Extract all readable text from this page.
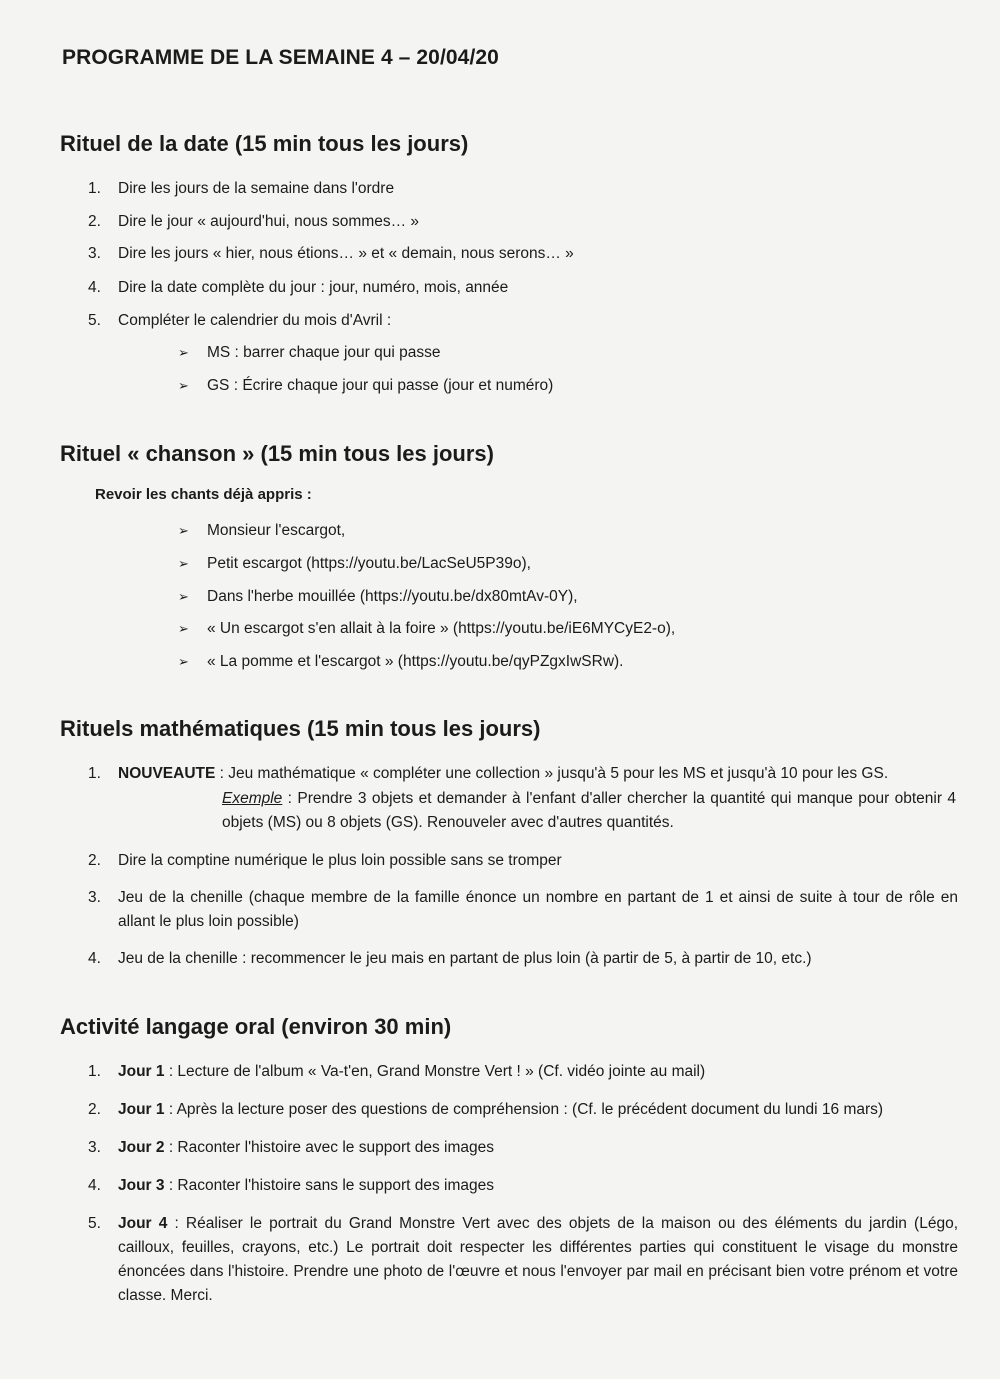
PROGRAMME DE LA SEMAINE 4 – 20/04/20
Rituel de la date (15 min tous les jours)
1.	Dire les jours de la semaine dans l'ordre
2.	Dire le jour « aujourd'hui, nous sommes… »
3.	Dire les jours « hier, nous étions… » et « demain, nous serons… »
4.	Dire la date complète du jour : jour, numéro, mois, année
5.	Compléter le calendrier du mois d'Avril :
➢ MS : barrer chaque jour qui passe
➢ GS : Écrire chaque jour qui passe (jour et numéro)
Rituel « chanson » (15 min tous les jours)
Revoir les chants déjà appris :
➢ Monsieur l'escargot,
➢ Petit escargot (https://youtu.be/LacSeU5P39o),
➢ Dans l'herbe mouillée (https://youtu.be/dx80mtAv-0Y),
➢ « Un escargot s'en allait à la foire » (https://youtu.be/iE6MYCyE2-o),
➢ « La pomme et l'escargot » (https://youtu.be/qyPZgxIwSRw).
Rituels mathématiques (15 min tous les jours)
1.	NOUVEAUTE : Jeu mathématique « compléter une collection » jusqu'à 5 pour les MS et jusqu'à 10 pour les GS.
Exemple : Prendre 3 objets et demander à l'enfant d'aller chercher la quantité qui manque pour obtenir 4 objets (MS) ou 8 objets (GS). Renouveler avec d'autres quantités.
2.	Dire la comptine numérique le plus loin possible sans se tromper
3.	Jeu de la chenille (chaque membre de la famille énonce un nombre en partant de 1 et ainsi de suite à tour de rôle en allant le plus loin possible)
4.	Jeu de la chenille : recommencer le jeu mais en partant de plus loin (à partir de 5, à partir de 10, etc.)
Activité langage oral (environ 30 min)
1.	Jour 1 : Lecture de l'album « Va-t'en, Grand Monstre Vert ! » (Cf. vidéo jointe au mail)
2.	Jour 1 : Après la lecture poser des questions de compréhension : (Cf. le précédent document du lundi 16 mars)
3.	Jour 2 : Raconter l'histoire avec le support des images
4.	Jour 3 : Raconter l'histoire sans le support des images
5.	Jour 4 : Réaliser le portrait du Grand Monstre Vert avec des objets de la maison ou des éléments du jardin (Légo, cailloux, feuilles, crayons, etc.) Le portrait doit respecter les différentes parties qui constituent le visage du monstre énoncées dans l'histoire. Prendre une photo de l'œuvre et nous l'envoyer par mail en précisant bien votre prénom et votre classe. Merci.
